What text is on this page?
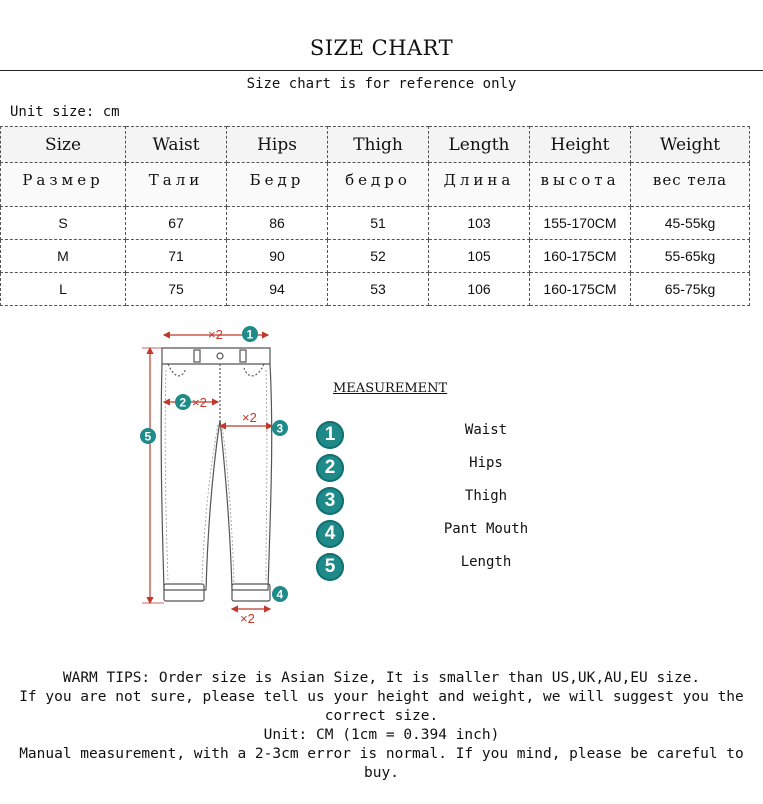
SIZE CHART
Size chart is for reference only
Unit size: cm
Size	Waist	Hips	Thigh	Length	Height	Weight
Размер	Тали	Бедр	бедро	Длина	высота	вес тела
S	67	86	51	103	155-170CM	45-55kg
M	71	90	52	105	160-175CM	55-65kg
L	75	94	53	106	160-175CM	65-75kg
×2 1
2 ×2
×2
3
5
×2
4
MEASUREMENT
1	Waist
2	Hips
3	Thigh
4	Pant Mouth
5	Length
WARM TIPS: Order size is Asian Size, It is smaller than US,UK,AU,EU size.
If you are not sure, please tell us your height and weight, we will suggest you the correct size.
Unit: CM (1cm = 0.394 inch)
Manual measurement, with a 2-3cm error is normal. If you mind, please be careful to buy.
